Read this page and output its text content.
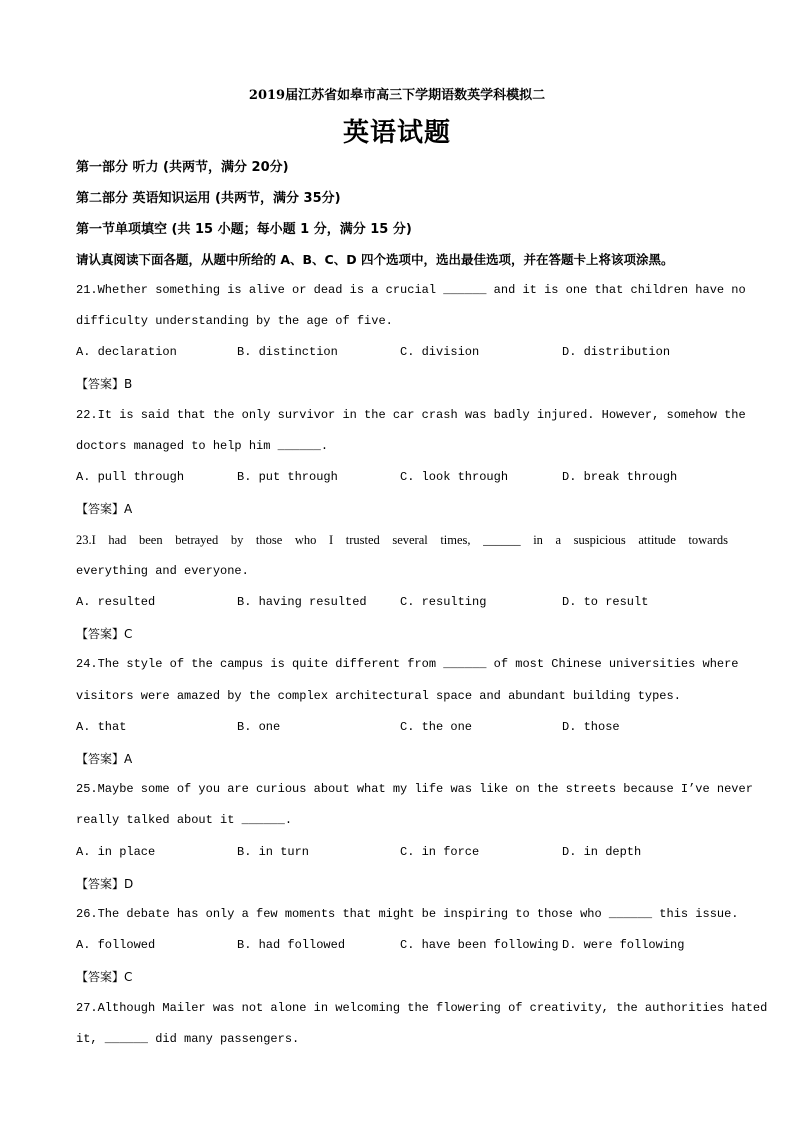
2019届江苏省如皋市高三下学期语数英学科模拟二
英语试题
第一部分 听力 (共两节，满分 20分)
第二部分 英语知识运用 (共两节，满分 35分)
第一节单项填空 (共 15 小题；每小题 1 分，满分 15 分)
请认真阅读下面各题，从题中所给的 A、B、C、D 四个选项中，选出最佳选项，并在答题卡上将该项涂黑。
21.Whether something is alive or dead is a crucial ______ and it is one that children have no
difficulty understanding by the age of five.
A. declaration	B. distinction	C. division	D. distribution
【答案】B
22.It is said that the only survivor in the car crash was badly injured. However, somehow the
doctors managed to help him ______.
A. pull through	B. put through	C. look through	D. break through
【答案】A
23.I had been betrayed by those who I trusted several times, ______ in a suspicious attitude towards
everything and everyone.
A. resulted	B. having resulted	C. resulting	D. to result
【答案】C
24.The style of the campus is quite different from ______ of most Chinese universities where
visitors were amazed by the complex architectural space and abundant building types.
A. that	B. one	C. the one	D. those
【答案】A
25.Maybe some of you are curious about what my life was like on the streets because I’ve never
really talked about it ______.
A. in place	B. in turn	C. in force	D. in depth
【答案】D
26.The debate has only a few moments that might be inspiring to those who ______ this issue.
A. followed	B. had followed	C. have been following D. were following
【答案】C
27.Although Mailer was not alone in welcoming the flowering of creativity, the authorities hated
it, ______ did many passengers.
